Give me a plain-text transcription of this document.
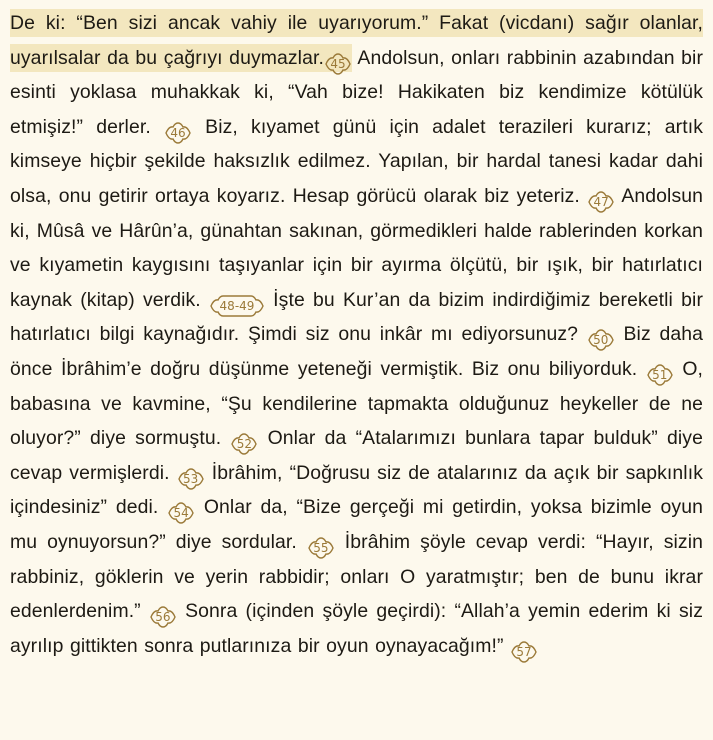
De ki: “Ben sizi ancak vahiy ile uyarıyorum.” Fakat (vicdanı) sağır olanlar, uyarılsalar da bu çağrıyı duymazlar. 45 Andolsun, onları rabbinin azabından bir esinti yoklasa muhakkak ki, “Vah bize! Hakikaten biz kendimize kötülük etmişiz!” derler. 46 Biz, kıyamet günü için adalet terazileri kurarız; artık kimseye hiçbir şekilde haksızlık edilmez. Yapılan, bir hardal tanesi kadar dahi olsa, onu getirir ortaya koyarız. Hesap görücü olarak biz yeteriz. 47 Andolsun ki, Mûsâ ve Hârûn’a, günahtan sakınan, görmedikleri halde rablerinden korkan ve kıyametin kaygısını taşıyanlar için bir ayırma ölçütü, bir ışık, bir hatırlatıcı kaynak (kitap) verdik. 48-49 İşte bu Kur’an da bizim indirdiğimiz bereketli bir hatırlatıcı bilgi kaynağıdır. Şimdi siz onu inkâr mı ediyorsunuz? 50 Biz daha önce İbrâhim’e doğru düşünme yeteneği vermiştik. Biz onu biliyorduk. 51 O, babasına ve kavmine, “Şu kendilerine tapmakta olduğunuz heykeller de ne oluyor?” diye sormuştu. 52 Onlar da “Atalarımızı bunlara tapar bulduk” diye cevap vermişlerdi. 53 İbrâhim, “Doğrusu siz de atalarınız da açık bir sapkınlık içindesiniz” dedi. 54 Onlar da, “Bize gerçeği mi getirdin, yoksa bizimle oyun mu oynuyorsun?” diye sordular. 55 İbrâhim şöyle cevap verdi: “Hayır, sizin rabbiniz, göklerin ve yerin rabbidir; onları O yaratmıştır; ben de bunu ikrar edenlerdenim.” 56 Sonra (içinden şöyle geçirdi): “Allah’a yemin ederim ki siz ayrılıp gittikten sonra putlarınıza bir oyun oynayacağım!” 57
